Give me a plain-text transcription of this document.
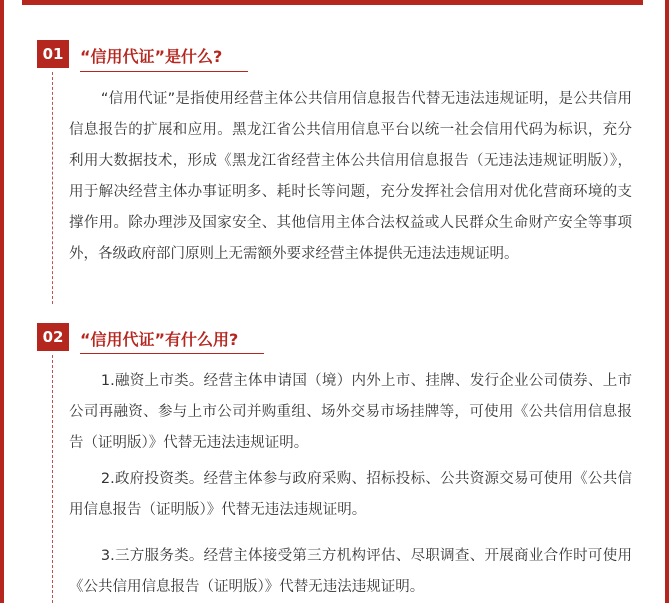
01	“信用代证”是什么?
“信用代证”是指使用经营主体公共信用信息报告代替无违法违规证明，是公共信用信息报告的扩展和应用。黑龙江省公共信用信息平台以统一社会信用代码为标识，充分利用大数据技术，形成《黑龙江省经营主体公共信用信息报告（无违法违规证明版）》，用于解决经营主体办事证明多、耗时长等问题，充分发挥社会信用对优化营商环境的支撑作用。除办理涉及国家安全、其他信用主体合法权益或人民群众生命财产安全等事项外，各级政府部门原则上无需额外要求经营主体提供无违法违规证明。
02	“信用代证”有什么用?
1.融资上市类。经营主体申请国（境）内外上市、挂牌、发行企业公司债券、上市公司再融资、参与上市公司并购重组、场外交易市场挂牌等，可使用《公共信用信息报告（证明版）》代替无违法违规证明。
2.政府投资类。经营主体参与政府采购、招标投标、公共资源交易可使用《公共信用信息报告（证明版）》代替无违法违规证明。
3.三方服务类。经营主体接受第三方机构评估、尽职调查、开展商业合作时可使用《公共信用信息报告（证明版）》代替无违法违规证明。
